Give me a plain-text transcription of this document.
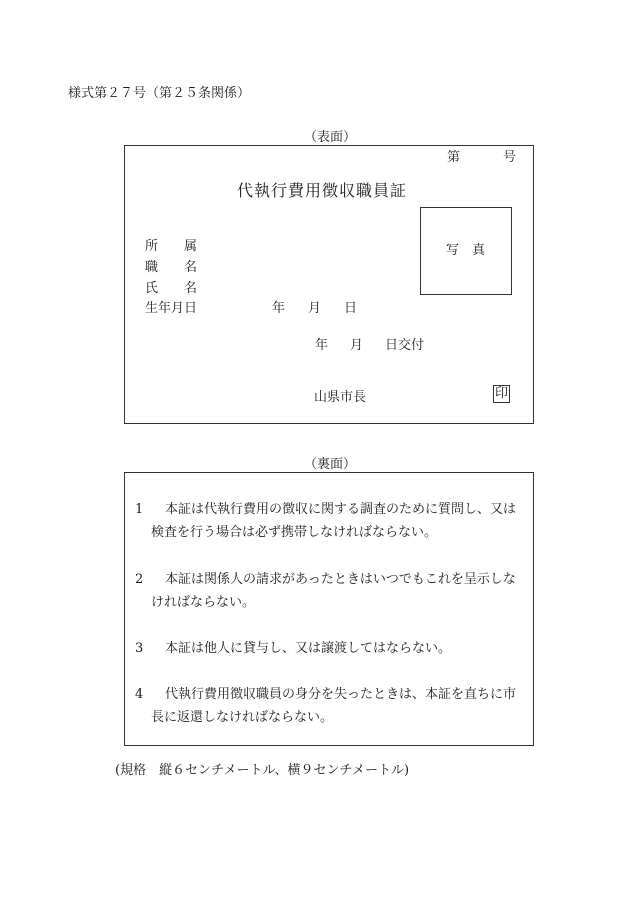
様式第２７号（第２５条関係）
（表面）
第	号
代執行費用徴収職員証
写　真
所　　属
職　　名
氏　　名
生年月日	年 月 日
年 月 日交付
山県市長	印
（裏面）
1	本証は代執行費用の徴収に関する調査のために質問し、又は検査を行う場合は必ず携帯しなければならない。
2	本証は関係人の請求があったときはいつでもこれを呈示しなければならない。
3	本証は他人に貸与し、又は譲渡してはならない。
4	代執行費用徴収職員の身分を失ったときは、本証を直ちに市長に返還しなければならない。
(規格　縦６センチメートル、横９センチメートル)
